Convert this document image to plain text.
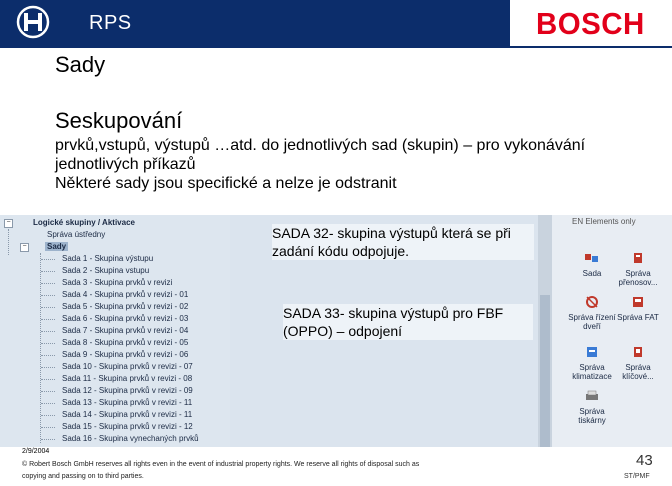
RPS	BOSCH
Sady
Seskupování
prvků,vstupů, výstupů …atd. do jednotlivých sad (skupin) – pro vykonávání
jednotlivých příkazů
Některé sady jsou specifické a nelze je odstranit
−	Logické skupiny / Aktivace
Správa ústředny
−	Sady
Sada 1 - Skupina výstupu
Sada 2 - Skupina vstupu
Sada 3 - Skupina prvků v revizi
Sada 4 - Skupina prvků v revizi - 01
Sada 5 - Skupina prvků v revizi - 02
Sada 6 - Skupina prvků v revizi - 03
Sada 7 - Skupina prvků v revizi - 04
Sada 8 - Skupina prvků v revizi - 05
Sada 9 - Skupina prvků v revizi - 06
Sada 10 - Skupina prvků v revizi - 07
Sada 11 - Skupina prvků v revizi - 08
Sada 12 - Skupina prvků v revizi - 09
Sada 13 - Skupina prvků v revizi - 11
Sada 14 - Skupina prvků v revizi - 11
Sada 15 - Skupina prvků v revizi - 12
Sada 16 - Skupina vynechaných prvků
EN Elements only
Sada	Správa přenosov...
Správa řízení dveří
Správa FAT
Správa klimatizace
Správa klíčové...
Správa tiskárny
SADA 32- skupina výstupů která se při zadání kódu odpojuje.
SADA 33- skupina výstupů pro FBF (OPPO) – odpojení
2/9/2004
© Robert Bosch GmbH reserves all rights even in the event of industrial property rights. We reserve all rights of disposal such as
copying and passing on to third parties.
43
ST/PMF
